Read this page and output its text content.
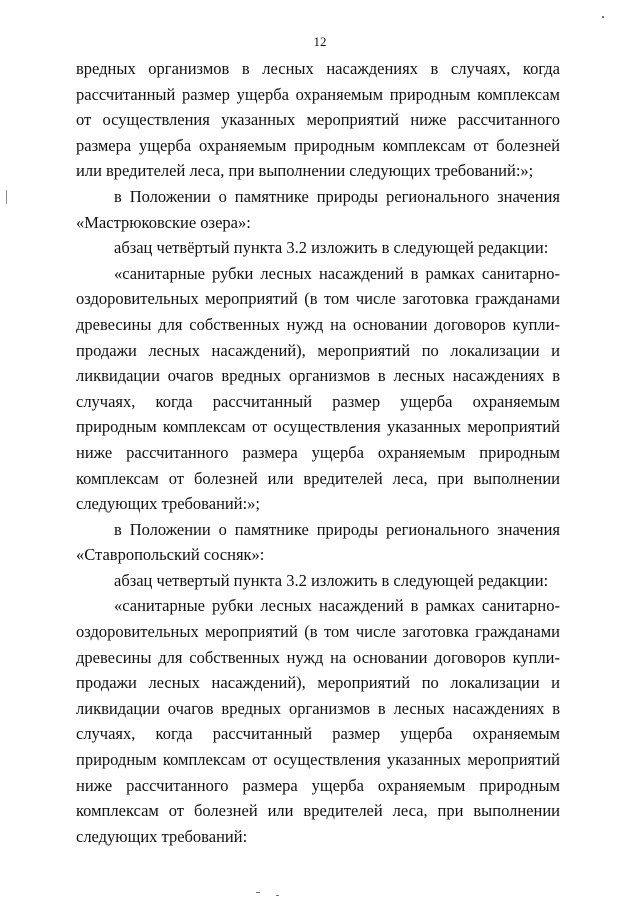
12

вредных организмов в лесных насаждениях в случаях, когда рассчитанный размер ущерба охраняемым природным комплексам от осуществления указанных мероприятий ниже рассчитанного размера ущерба охраняемым природным комплексам от болезней или вредителей леса, при выполнении следующих требований:»;

в Положении о памятнике природы регионального значения «Мастрюковские озера»:

абзац четвёртый пункта 3.2 изложить в следующей редакции:

«санитарные рубки лесных насаждений в рамках санитарно-оздоровительных мероприятий (в том числе заготовка гражданами древесины для собственных нужд на основании договоров купли-продажи лесных насаждений), мероприятий по локализации и ликвидации очагов вредных организмов в лесных насаждениях в случаях, когда рассчитанный размер ущерба охраняемым природным комплексам от осуществления указанных мероприятий ниже рассчитанного размера ущерба охраняемым природным комплексам от болезней или вредителей леса, при выполнении следующих требований:»;

в Положении о памятнике природы регионального значения «Ставропольский сосняк»:

абзац четвертый пункта 3.2 изложить в следующей редакции:

«санитарные рубки лесных насаждений в рамках санитарно-оздоровительных мероприятий (в том числе заготовка гражданами древесины для собственных нужд на основании договоров купли-продажи лесных насаждений), мероприятий по локализации и ликвидации очагов вредных организмов в лесных насаждениях в случаях, когда рассчитанный размер ущерба охраняемым природным комплексам от осуществления указанных мероприятий ниже рассчитанного размера ущерба охраняемым природным комплексам от болезней или вредителей леса, при выполнении следующих требований:
